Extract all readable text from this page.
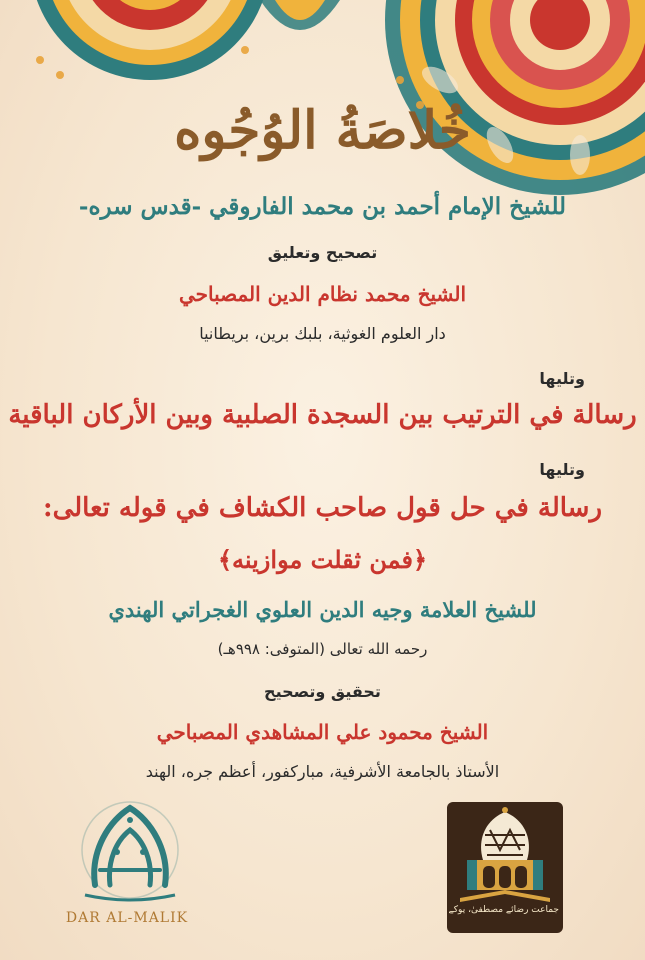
خُلاصَةُ الوُجُوه
للشيخ الإمام أحمد بن محمد الفاروقي -قدس سره-
تصحيح وتعليق
الشيخ محمد نظام الدين المصباحي
دار العلوم الغوثية، بلبك برين، بريطانيا
وتليها
رسالة في الترتيب بين السجدة الصلبية وبين الأركان الباقية
وتليها
رسالة في حل قول صاحب الكشاف في قوله تعالى:
﴿فمن ثقلت موازينه﴾
للشيخ العلامة وجيه الدين العلوي الغجراتي الهندي
رحمه الله تعالى (المتوفى: ٩٩٨هـ)
تحقيق وتصحيح
الشيخ محمود علي المشاهدي المصباحي
الأستاذ بالجامعة الأشرفية، مباركفور، أعظم جره، الهند
DAR AL-MALIK	جماعت رضائے مصطفیٰ، یوکے
